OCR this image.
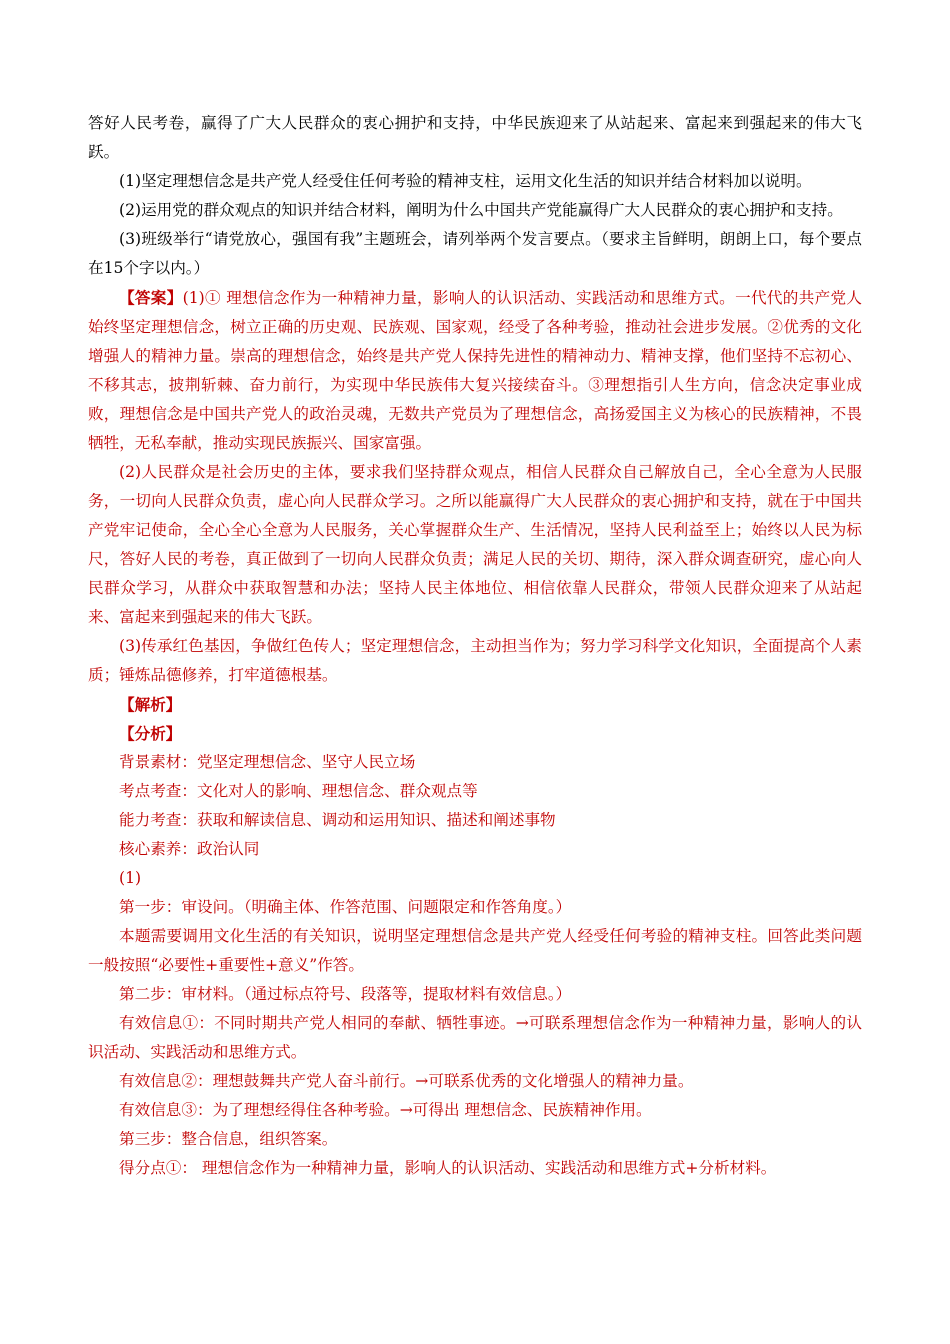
答好人民考卷，赢得了广大人民群众的衷心拥护和支持，中华民族迎来了从站起来、富起来到强起来的伟大飞跃。

(1)坚定理想信念是共产党人经受住任何考验的精神支柱，运用文化生活的知识并结合材料加以说明。

(2)运用党的群众观点的知识并结合材料，阐明为什么中国共产党能赢得广大人民群众的衷心拥护和支持。

(3)班级举行“请党放心，强国有我”主题班会，请列举两个发言要点。（要求主旨鲜明，朗朗上口，每个要点在15个字以内。）

【答案】(1)① 理想信念作为一种精神力量，影响人的认识活动、实践活动和思维方式。一代代的共产党人始终坚定理想信念，树立正确的历史观、民族观、国家观，经受了各种考验，推动社会进步发展。②优秀的文化增强人的精神力量。崇高的理想信念，始终是共产党人保持先进性的精神动力、精神支撑，他们坚持不忘初心、不移其志，披荆斩棘、奋力前行，为实现中华民族伟大复兴接续奋斗。③理想指引人生方向，信念决定事业成败，理想信念是中国共产党人的政治灵魂，无数共产党员为了理想信念，高扬爱国主义为核心的民族精神，不畏牺牲，无私奉献，推动实现民族振兴、国家富强。

(2)人民群众是社会历史的主体，要求我们坚持群众观点，相信人民群众自己解放自己，全心全意为人民服务，一切向人民群众负责，虚心向人民群众学习。之所以能赢得广大人民群众的衷心拥护和支持，就在于中国共产党牢记使命，全心全心全意为人民服务，关心掌握群众生产、生活情况，坚持人民利益至上；始终以人民为标尺，答好人民的考卷，真正做到了一切向人民群众负责；满足人民的关切、期待，深入群众调查研究，虚心向人民群众学习，从群众中获取智慧和办法；坚持人民主体地位、相信依靠人民群众，带领人民群众迎来了从站起来、富起来到强起来的伟大飞跃。

(3)传承红色基因，争做红色传人；坚定理想信念，主动担当作为；努力学习科学文化知识，全面提高个人素质；锤炼品德修养，打牢道德根基。

【解析】

【分析】

背景素材：党坚定理想信念、坚守人民立场

考点考查：文化对人的影响、理想信念、群众观点等

能力考查：获取和解读信息、调动和运用知识、描述和阐述事物

核心素养：政治认同

(1)

第一步：审设问。（明确主体、作答范围、问题限定和作答角度。）

本题需要调用文化生活的有关知识，说明坚定理想信念是共产党人经受任何考验的精神支柱。回答此类问题一般按照“必要性+重要性+意义”作答。

第二步：审材料。（通过标点符号、段落等，提取材料有效信息。）

有效信息①：不同时期共产党人相同的奉献、牺牲事迹。→可联系理想信念作为一种精神力量，影响人的认识活动、实践活动和思维方式。

有效信息②：理想鼓舞共产党人奋斗前行。→可联系优秀的文化增强人的精神力量。

有效信息③：为了理想经得住各种考验。→可得出 理想信念、民族精神作用。

第三步：整合信息，组织答案。

得分点①： 理想信念作为一种精神力量，影响人的认识活动、实践活动和思维方式+分析材料。
